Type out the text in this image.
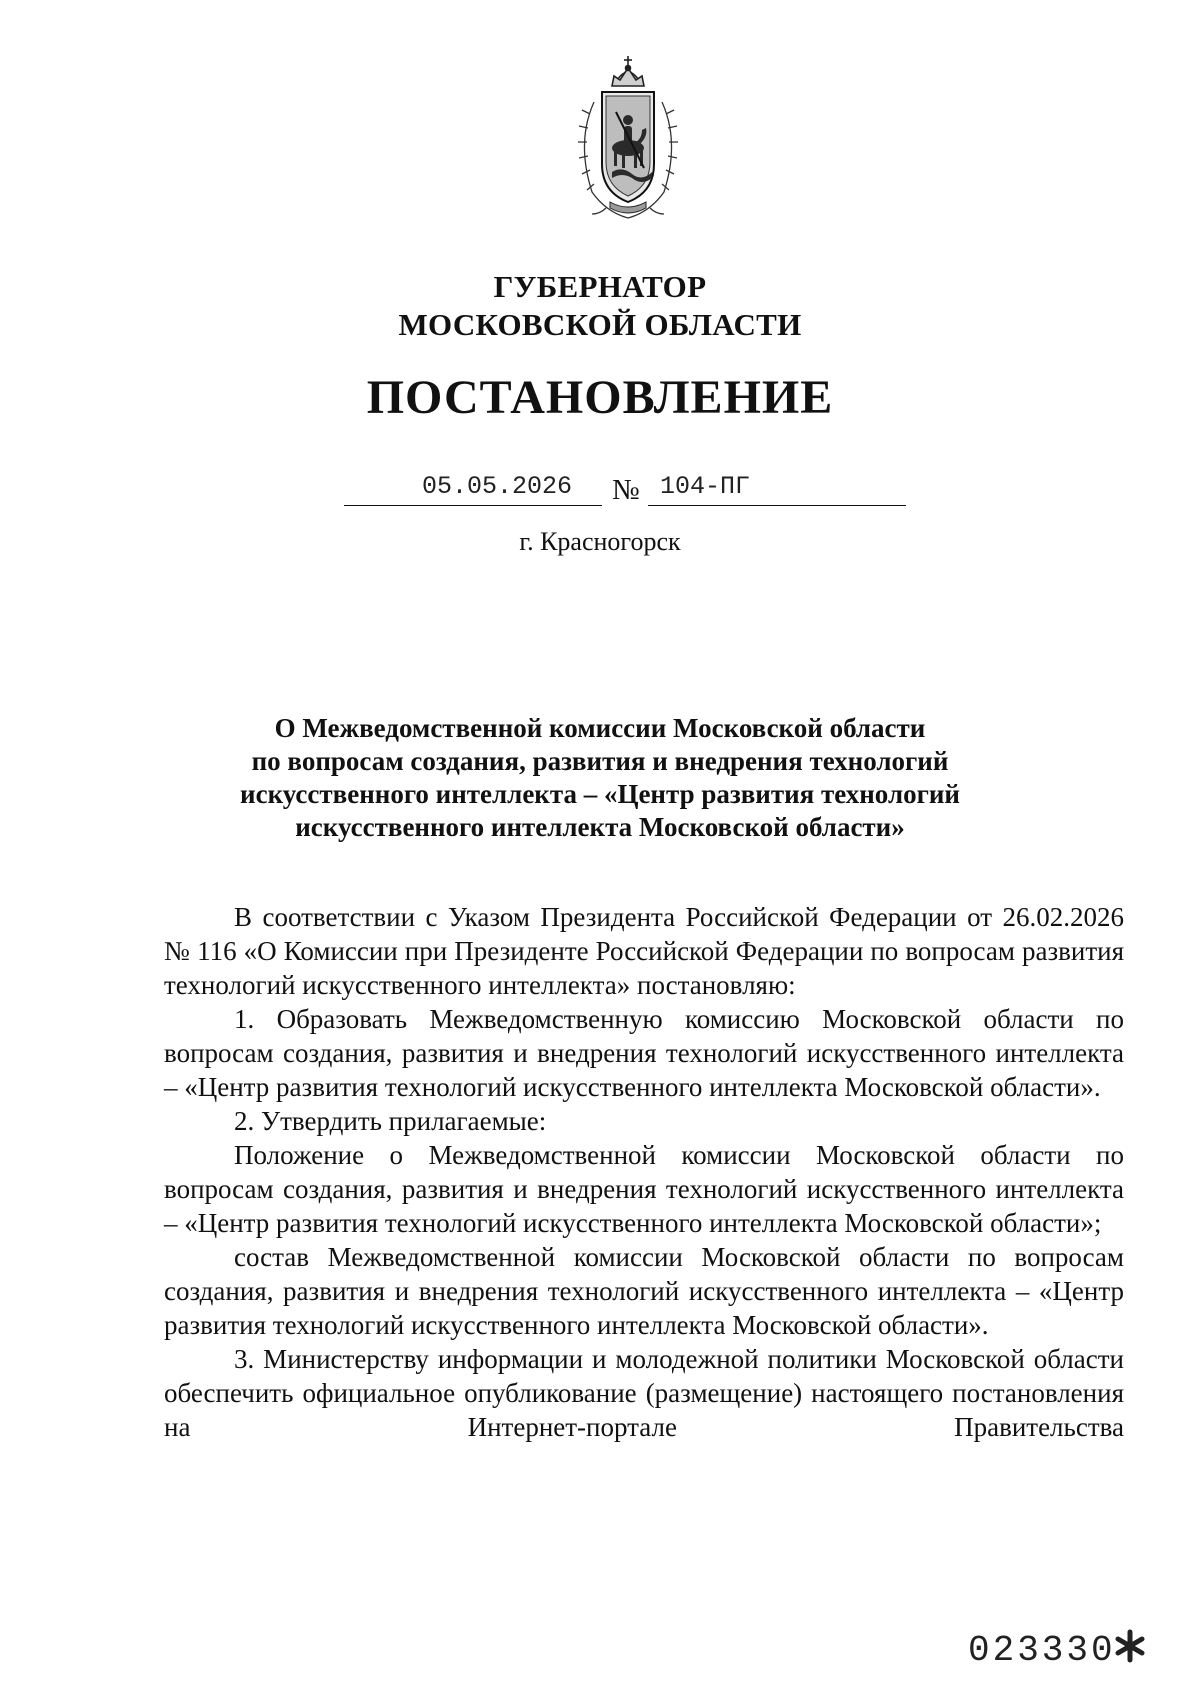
ГУБЕРНАТОР
МОСКОВСКОЙ ОБЛАСТИ
ПОСТАНОВЛЕНИЕ
05.05.2026	№ 104-ПГ
г. Красногорск
О Межведомственной комиссии Московской области
по вопросам создания, развития и внедрения технологий
искусственного интеллекта – «Центр развития технологий
искусственного интеллекта Московской области»

В соответствии с Указом Президента Российской Федерации от 26.02.2026 № 116 «О Комиссии при Президенте Российской Федерации по вопросам развития технологий искусственного интеллекта» постановляю:

1. Образовать Межведомственную комиссию Московской области по вопросам создания, развития и внедрения технологий искусственного интеллекта – «Центр развития технологий искусственного интеллекта Московской области».

2. Утвердить прилагаемые:

Положение о Межведомственной комиссии Московской области по вопросам создания, развития и внедрения технологий искусственного интеллекта – «Центр развития технологий искусственного интеллекта Московской области»;

состав Межведомственной комиссии Московской области по вопросам создания, развития и внедрения технологий искусственного интеллекта – «Центр развития технологий искусственного интеллекта Московской области».

3. Министерству информации и молодежной политики Московской области обеспечить официальное опубликование (размещение) настоящего постановления на Интернет-портале Правительства

023330
